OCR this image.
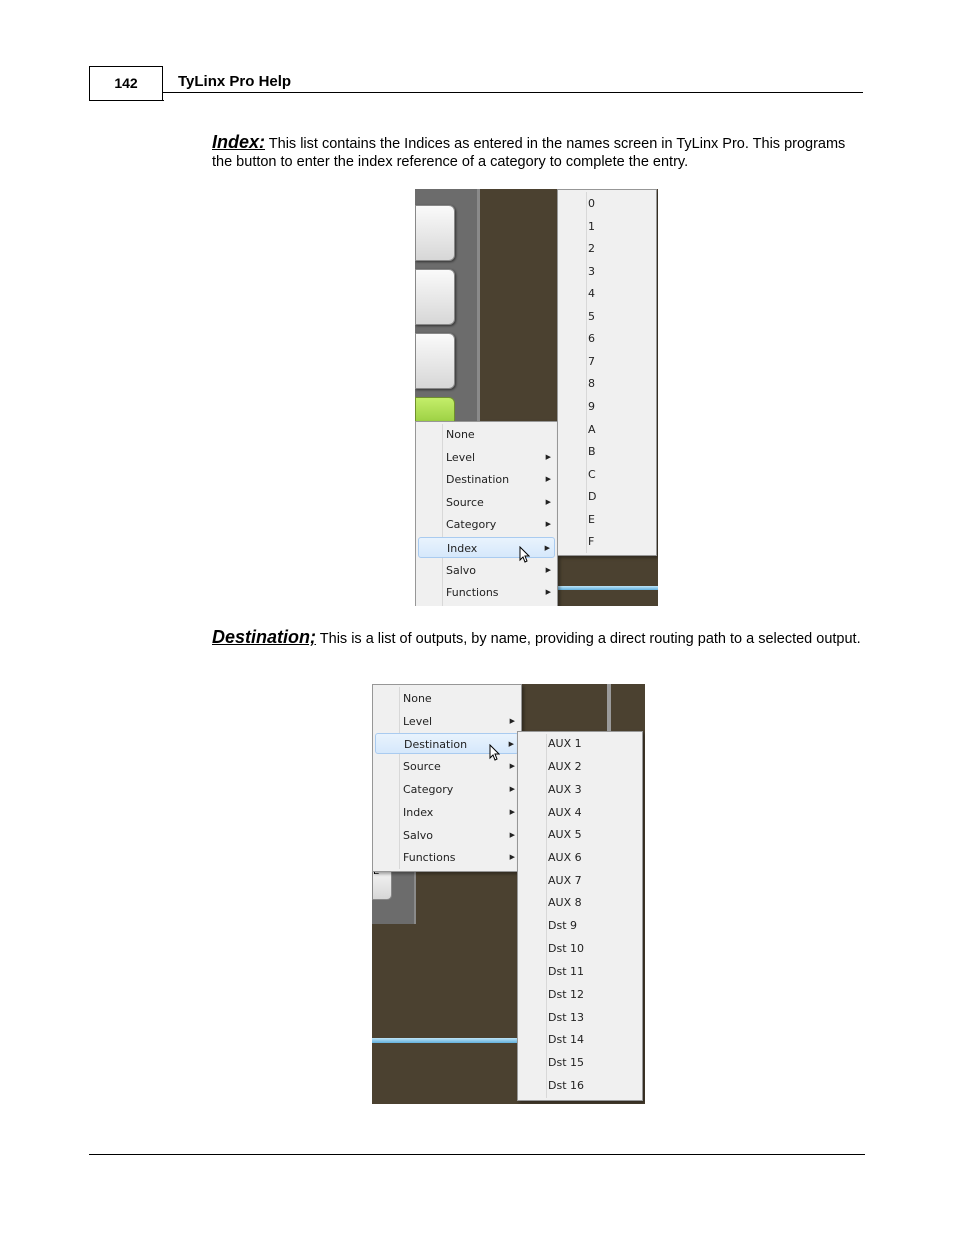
142	TyLinx Pro Help
Index: This list contains the Indices as entered in the names screen in TyLinx Pro. This programs the button to enter the index reference of a category to complete the entry.
None
Level	▶
Destination	▶
Source	▶
Category	▶
Index	▶
Salvo	▶
Functions	▶
0
1
2
3
4
5
6
7
8
9
A
B
C
D
E
F
Destination; This is a list of outputs, by name, providing a direct routing path to a selected output.
None
Level	▶
Destination	▶
Source	▶
Category	▶
Index	▶
Salvo	▶
Functions	▶
AUX 1
AUX 2
AUX 3
AUX 4
AUX 5
AUX 6
AUX 7
AUX 8
Dst 9
Dst 10
Dst 11
Dst 12
Dst 13
Dst 14
Dst 15
Dst 16
